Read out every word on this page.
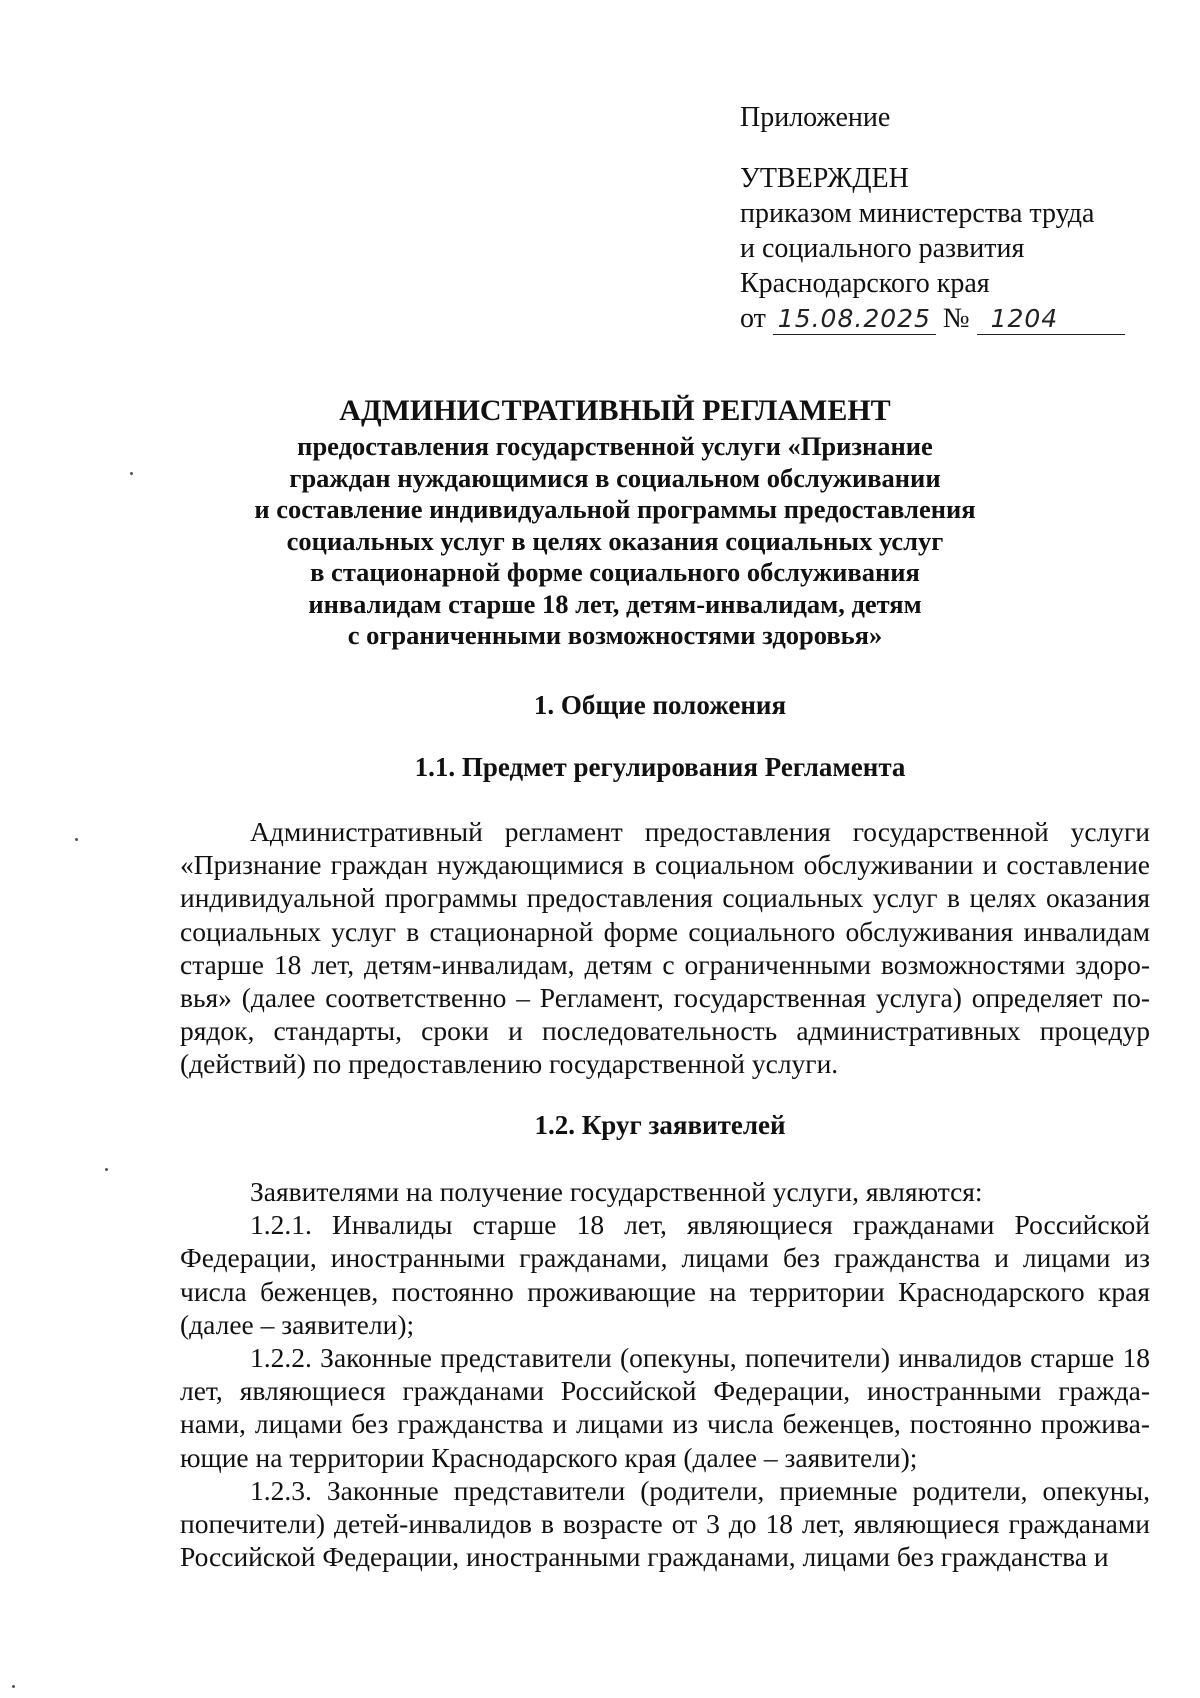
Приложение
УТВЕРЖДЕН
приказом министерства труда
и социального развития
Краснодарского края
от 15.08.2025 № 1204
АДМИНИСТРАТИВНЫЙ РЕГЛАМЕНТ
предоставления государственной услуги «Признание
граждан нуждающимися в социальном обслуживании
и составление индивидуальной программы предоставления
социальных услуг в целях оказания социальных услуг
в стационарной форме социального обслуживания
инвалидам старше 18 лет, детям-инвалидам, детям
с ограниченными возможностями здоровья»
1. Общие положения
1.1. Предмет регулирования Регламента

Административный регламент предоставления государственной услуги «Признание граждан нуждающимися в социальном обслуживании и составление индивидуальной программы предоставления социальных услуг в целях оказания социальных услуг в стационарной форме социального обслуживания инвалидам старше 18 лет, детям-инвалидам, детям с ограниченными возможностями здоро-вья» (далее соответственно – Регламент, государственная услуга) определяет по-рядок, стандарты, сроки и последовательность административных процедур (действий) по предоставлению государственной услуги.

1.2. Круг заявителей

Заявителями на получение государственной услуги, являются:

1.2.1. Инвалиды старше 18 лет, являющиеся гражданами Российской Федерации, иностранными гражданами, лицами без гражданства и лицами из числа беженцев, постоянно проживающие на территории Краснодарского края (далее – заявители);

1.2.2. Законные представители (опекуны, попечители) инвалидов старше 18 лет, являющиеся гражданами Российской Федерации, иностранными гражда-нами, лицами без гражданства и лицами из числа беженцев, постоянно прожива-ющие на территории Краснодарского края (далее – заявители);

1.2.3. Законные представители (родители, приемные родители, опекуны, попечители) детей-инвалидов в возрасте от 3 до 18 лет, являющиеся гражданами Российской Федерации, иностранными гражданами, лицами без гражданства и
